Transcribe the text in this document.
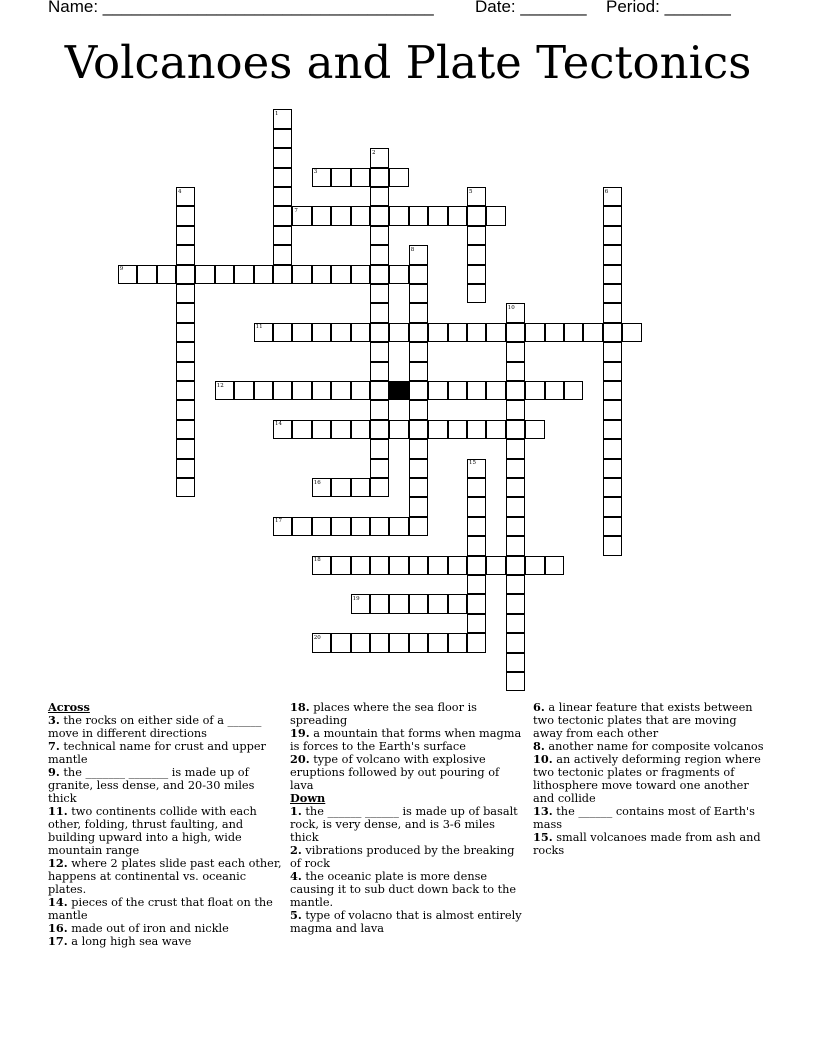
Name: ___________________________________ Date: _______ Period: _______
Volcanoes and Plate Tectonics
3
7
9
11
12
14
16
17
18
19
20
1
2
4	5	6
8
10
15
Across
3. the rocks on either side of a ______ move in different directions
7. technical name for crust and upper mantle
9. the _______ _______ is made up of granite, less dense, and 20-30 miles thick
11. two continents collide with each other, folding, thrust faulting, and building upward into a high, wide mountain range
12. where 2 plates slide past each other, happens at continental vs. oceanic plates.
14. pieces of the crust that float on the mantle
16. made out of iron and nickle
17. a long high sea wave
18. places where the sea floor is spreading
19. a mountain that forms when magma is forces to the Earth's surface
20. type of volcano with explosive eruptions followed by out pouring of lava
Down
1. the ______ ______ is made up of basalt rock, is very dense, and is 3-6 miles thick
2. vibrations produced by the breaking of rock
4. the oceanic plate is more dense causing it to sub duct down back to the mantle.
5. type of volacno that is almost entirely magma and lava
6. a linear feature that exists between two tectonic plates that are moving away from each other
8. another name for composite volcanos
10. an actively deforming region where two tectonic plates or fragments of lithosphere move toward one another and collide
13. the ______ contains most of Earth's mass
15. small volcanoes made from ash and rocks
